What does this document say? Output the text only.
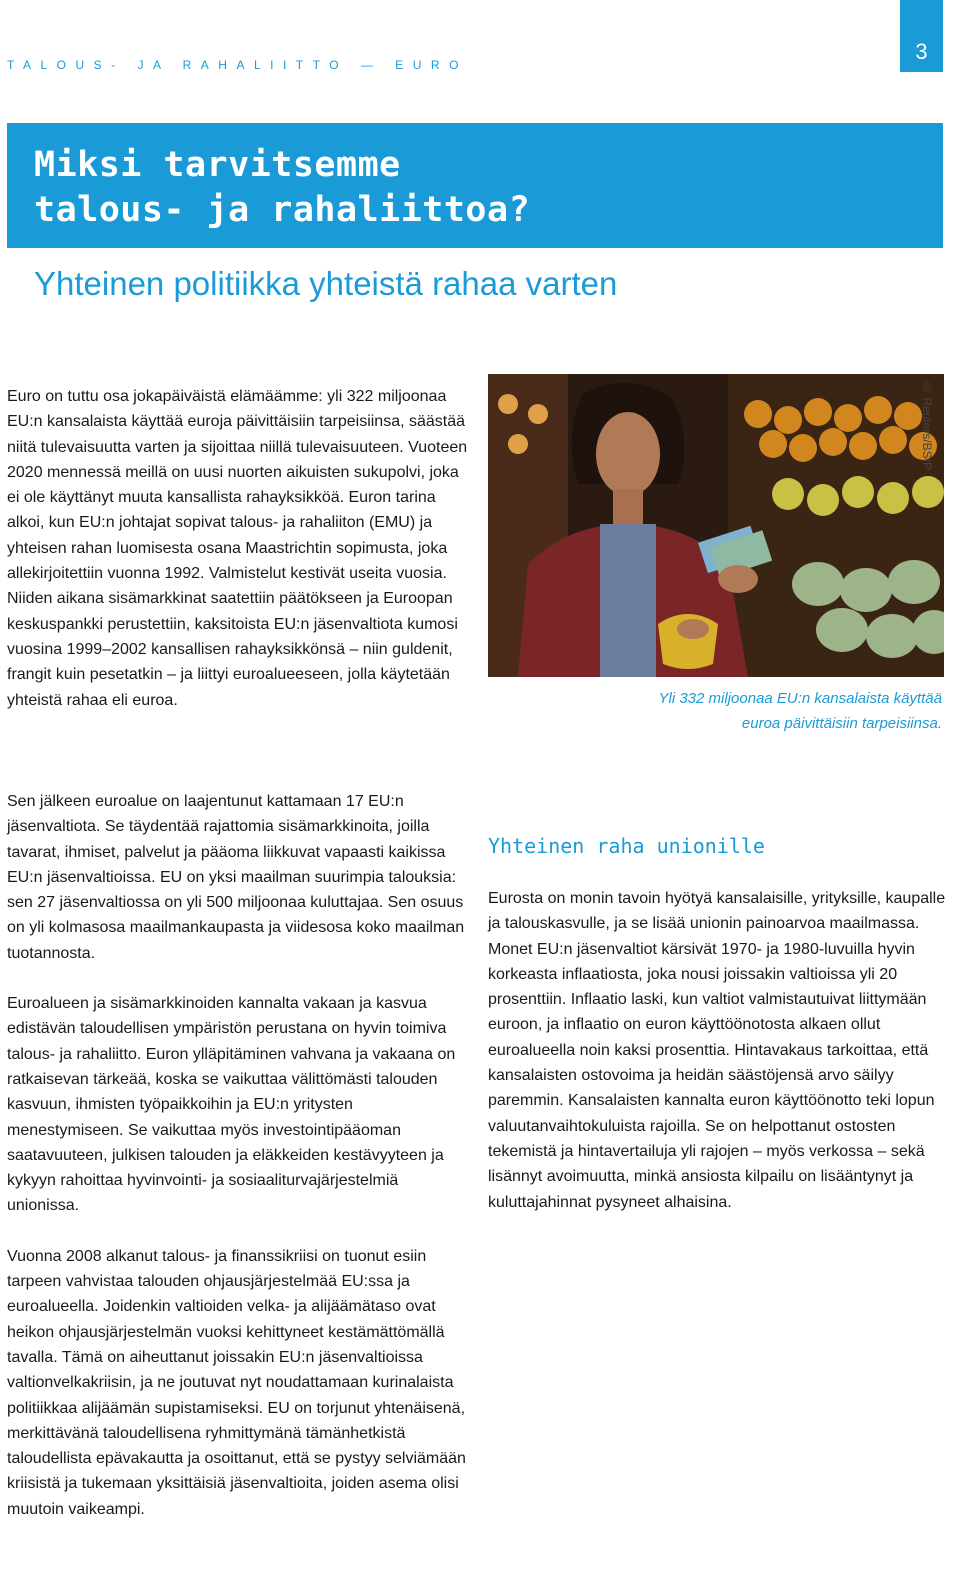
TALOUS- JA RAHALIITTO — EURO
3
Miksi tarvitsemme
talous- ja rahaliittoa?
Yhteinen politiikka yhteistä rahaa varten

Euro on tuttu osa jokapäiväistä elämäämme: yli 322 miljoonaa EU:n kansalaista käyttää euroja päivittäisiin tarpeisiinsa, säästää niitä tulevaisuutta varten ja sijoittaa niillä tulevaisuuteen. Vuoteen 2020 mennessä meillä on uusi nuorten aikuisten sukupolvi, joka ei ole käyttänyt muuta kansallista rahayksikköä. Euron tarina alkoi, kun EU:n johtajat sopivat talous- ja rahaliiton (EMU) ja yhteisen rahan luomisesta osana Maastrichtin sopimusta, joka allekirjoitettiin vuonna 1992. Valmistelut kestivät useita vuosia. Niiden aikana sisämarkkinat saatettiin päätökseen ja Euroopan keskuspankki perustettiin, kaksitoista EU:n jäsenvaltiota kumosi vuosina 1999–2002 kansallisen rahayksikkönsä – niin guldenit, frangit kuin pesetatkin – ja liittyi euroalueeseen, jolla käytetään yhteistä rahaa eli euroa.

Sen jälkeen euroalue on laajentunut kattamaan 17 EU:n jäsenvaltiota. Se täydentää rajattomia sisämarkkinoita, joilla tavarat, ihmiset, palvelut ja pääoma liikkuvat vapaasti kaikissa EU:n jäsenvaltioissa. EU on yksi maailman suurimpia talouksia: sen 27 jäsenvaltiossa on yli 500 miljoonaa kuluttajaa. Sen osuus on yli kolmasosa maailmankaupasta ja viidesosa koko maailman tuotannosta.

Euroalueen ja sisämarkkinoiden kannalta vakaan ja kasvua edistävän taloudellisen ympäristön perustana on hyvin toimiva talous- ja rahaliitto. Euron ylläpitäminen vahvana ja vakaana on ratkaisevan tärkeää, koska se vaikuttaa välittömästi talouden kasvuun, ihmisten työpaikkoihin ja EU:n yritysten menestymiseen. Se vaikuttaa myös investointipääoman saatavuuteen, julkisen talouden ja eläkkeiden kestävyyteen ja kykyyn rahoittaa hyvinvointi- ja sosiaaliturvajärjestelmiä unionissa.

Vuonna 2008 alkanut talous- ja finanssikriisi on tuonut esiin tarpeen vahvistaa talouden ohjausjärjestelmää EU:ssa ja euroalueella. Joidenkin valtioiden velka- ja alijäämätaso ovat heikon ohjausjärjestelmän vuoksi kehittyneet kestämättömällä tavalla. Tämä on aiheuttanut joissakin EU:n jäsenvaltioissa valtionvelkakriisin, ja ne joutuvat nyt noudattamaan kurinalaista politiikkaa alijäämän supistamiseksi. EU on torjunut yhtenäisenä, merkittävänä taloudellisena ryhmittymänä tämänhetkistä taloudellista epävakautta ja osoittanut, että se pystyy selviämään kriisistä ja tukemaan yksittäisiä jäsenvaltioita, joiden asema olisi muutoin vaikeampi.

© Reuters/BSIP
Yli 332 miljoonaa EU:n kansalaista käyttää euroa päivittäisiin tarpeisiinsa.
Yhteinen raha unionille

Eurosta on monin tavoin hyötyä kansalaisille, yrityksille, kaupalle ja talouskasvulle, ja se lisää unionin painoarvoa maailmassa. Monet EU:n jäsenvaltiot kärsivät 1970- ja 1980-luvuilla hyvin korkeasta inflaatiosta, joka nousi joissakin valtioissa yli 20 prosenttiin. Inflaatio laski, kun valtiot valmistautuivat liittymään euroon, ja inflaatio on euron käyttöönotosta alkaen ollut euroalueella noin kaksi prosenttia. Hintavakaus tarkoittaa, että kansalaisten ostovoima ja heidän säästöjensä arvo säilyy paremmin. Kansalaisten kannalta euron käyttöönotto teki lopun valuutanvaihtokuluista rajoilla. Se on helpottanut ostosten tekemistä ja hintavertailuja yli rajojen – myös verkossa – sekä lisännyt avoimuutta, minkä ansiosta kilpailu on lisääntynyt ja kuluttajahinnat pysyneet alhaisina.
